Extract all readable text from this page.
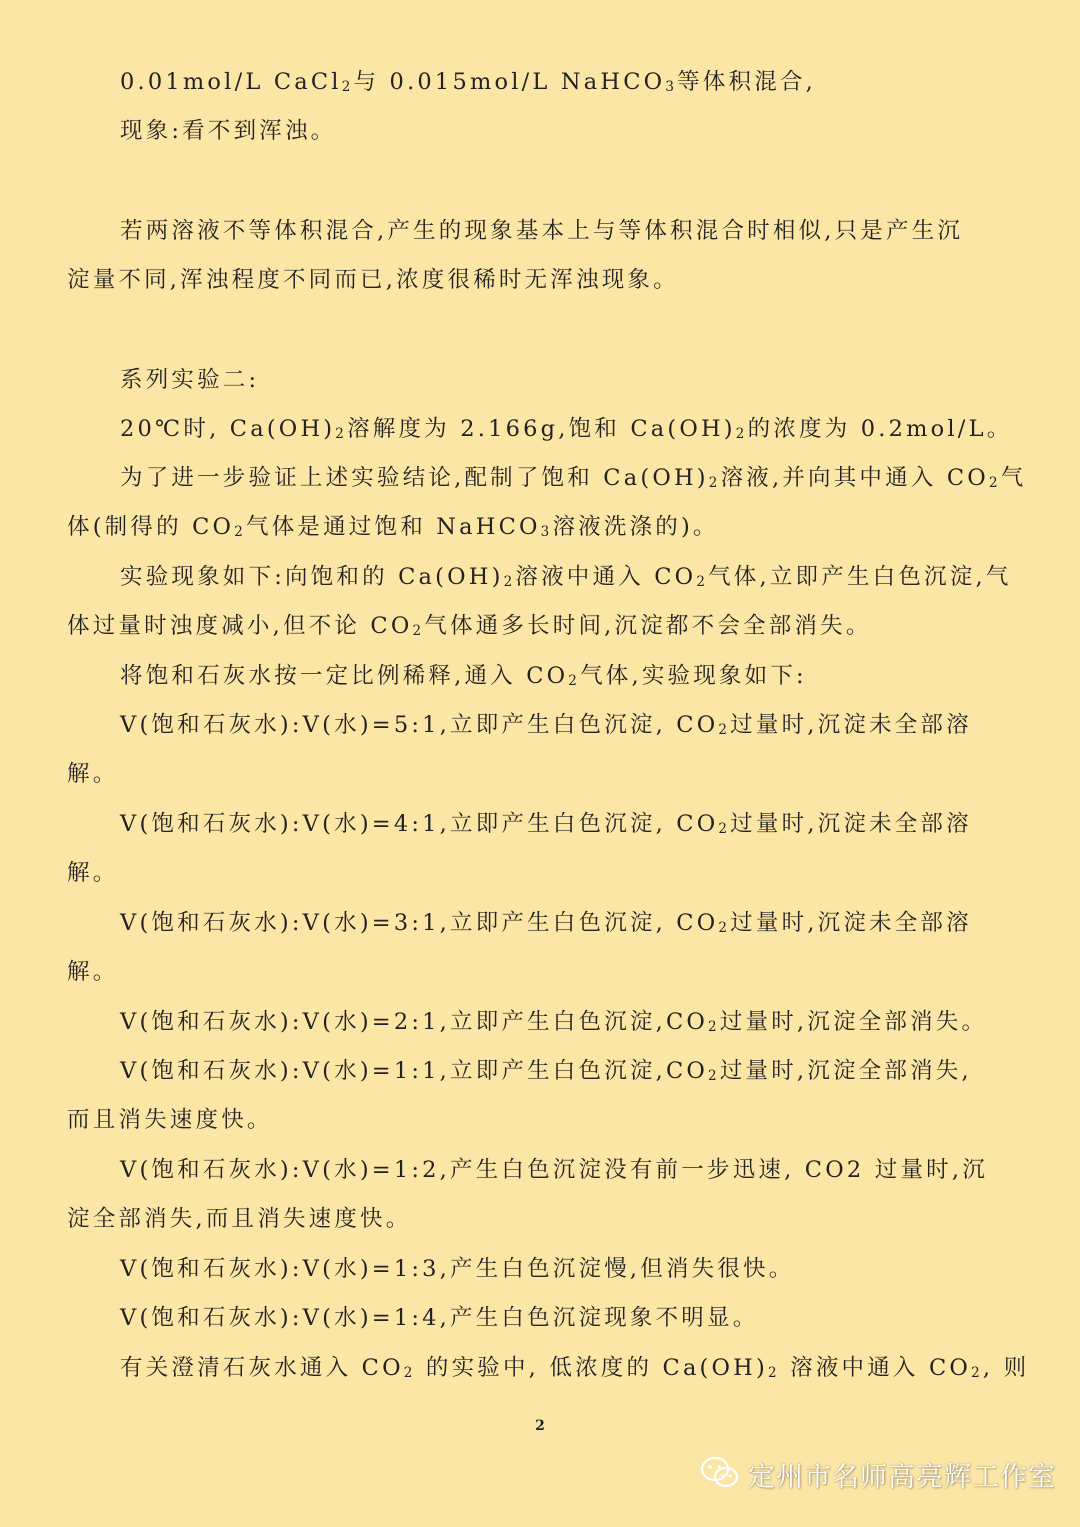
0.01mol/L CaCl$_2$与 0.015mol/L NaHCO$_3$等体积混合,
现象:看不到浑浊。
若两溶液不等体积混合,产生的现象基本上与等体积混合时相似,只是产生沉
淀量不同,浑浊程度不同而已,浓度很稀时无浑浊现象。
系列实验二:
20℃时, $Ca(OH)_2$溶解度为 2.166g,饱和 $Ca(OH)_2$的浓度为 0.2mol/L。
为了进一步验证上述实验结论,配制了饱和 $Ca(OH)_2$溶液,并向其中通入 $CO_2$气
体(制得的 $CO_2$气体是通过饱和 NaHCO$_3$溶液洗涤的)。
实验现象如下:向饱和的 $Ca(OH)_2$溶液中通入 $CO_2$气体,立即产生白色沉淀,气
体过量时浊度减小,但不论 $CO_2$气体通多长时间,沉淀都不会全部消失。
将饱和石灰水按一定比例稀释,通入 $CO_2$气体,实验现象如下:
V(饱和石灰水):V(水)=5:1,立即产生白色沉淀, $CO_2$过量时,沉淀未全部溶
解。
V(饱和石灰水):V(水)=4:1,立即产生白色沉淀, $CO_2$过量时,沉淀未全部溶
解。
V(饱和石灰水):V(水)=3:1,立即产生白色沉淀, $CO_2$过量时,沉淀未全部溶
解。
V(饱和石灰水):V(水)=2:1,立即产生白色沉淀$,CO_2$过量时,沉淀全部消失。
V(饱和石灰水):V(水)=1:1,立即产生白色沉淀$,CO_2$过量时,沉淀全部消失,
而且消失速度快。
V(饱和石灰水):V(水)=1:2,产生白色沉淀没有前一步迅速, CO2 过量时,沉
淀全部消失,而且消失速度快。
V(饱和石灰水):V(水)=1:3,产生白色沉淀慢,但消失很快。
V(饱和石灰水):V(水)=1:4,产生白色沉淀现象不明显。
有关澄清石灰水通入 $CO_2$ 的实验中, 低浓度的 $Ca(OH)_2$ 溶液中通入 $CO_2$, 则
2
定州市名师高亮辉工作室
